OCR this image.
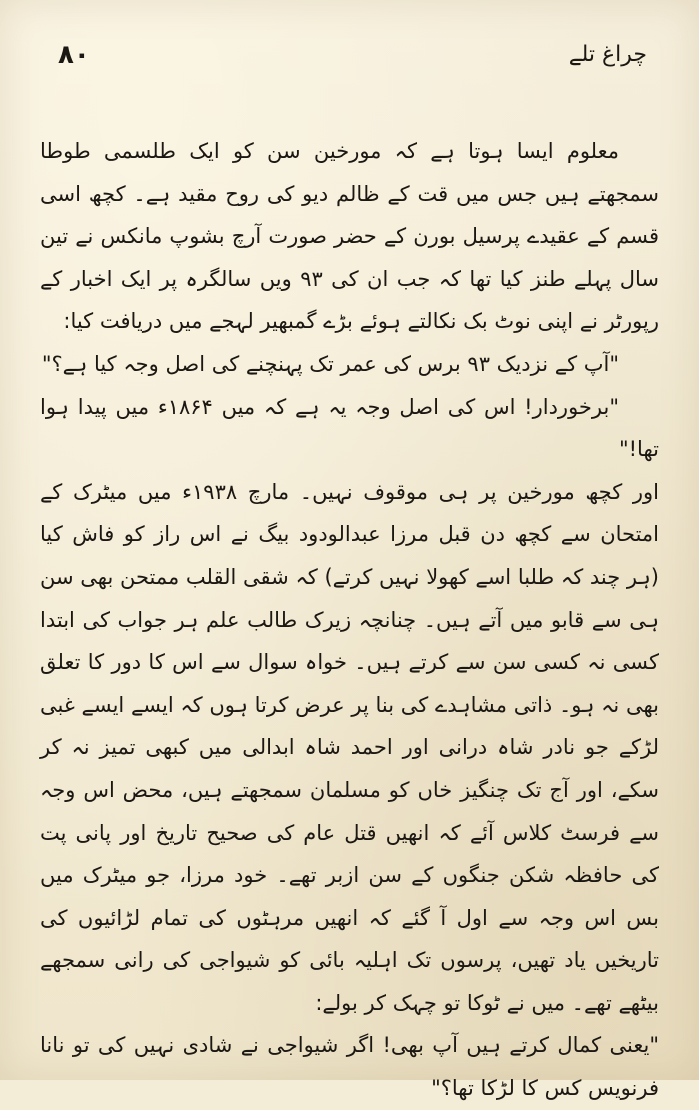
۸۰	چراغ تلے

معلوم ایسا ہوتا ہے کہ مورخین سن کو ایک طلسمی طوطا سمجھتے ہیں جس میں قت کے ظالم دیو کی روح مقید ہے۔ کچھ اسی قسم کے عقیدے پرسیل بورن کے حضر صورت آرچ بشوپ مانکس نے تین سال پہلے طنز کیا تھا کہ جب ان کی ۹۳ ویں سالگرہ پر ایک اخبار کے رپورٹر نے اپنی نوٹ بک نکالتے ہوئے بڑے گمبھیر لہجے میں دریافت کیا:

"آپ کے نزدیک ۹۳ برس کی عمر تک پہنچنے کی اصل وجہ کیا ہے؟"

"برخوردار! اس کی اصل وجہ یہ ہے کہ میں ۱۸۶۴ء میں پیدا ہوا تھا!"

اور کچھ مورخین پر ہی موقوف نہیں۔ مارچ ۱۹۳۸ء میں میٹرک کے امتحان سے کچھ دن قبل مرزا عبدالودود بیگ نے اس راز کو فاش کیا (ہر چند کہ طلبا اسے کھولا نہیں کرتے) کہ شقی القلب ممتحن بھی سن ہی سے قابو میں آتے ہیں۔ چنانچہ زیرک طالب علم ہر جواب کی ابتدا کسی نہ کسی سن سے کرتے ہیں۔ خواہ سوال سے اس کا دور کا تعلق بھی نہ ہو۔ ذاتی مشاہدے کی بنا پر عرض کرتا ہوں کہ ایسے ایسے غبی لڑکے جو نادر شاہ درانی اور احمد شاہ ابدالی میں کبھی تمیز نہ کر سکے، اور آج تک چنگیز خاں کو مسلمان سمجھتے ہیں، محض اس وجہ سے فرسٹ کلاس آئے کہ انھیں قتل عام کی صحیح تاریخ اور پانی پت کی حافظہ شکن جنگوں کے سن ازبر تھے۔ خود مرزا، جو میٹرک میں بس اس وجہ سے اول آ گئے کہ انھیں مرہٹوں کی تمام لڑائیوں کی تاریخیں یاد تھیں، پرسوں تک اہلیہ بائی کو شیواجی کی رانی سمجھے بیٹھے تھے۔ میں نے ٹوکا تو چہک کر بولے:

"یعنی کمال کرتے ہیں آپ بھی! اگر شیواجی نے شادی نہیں کی تو نانا فرنویس کس کا لڑکا تھا؟"
